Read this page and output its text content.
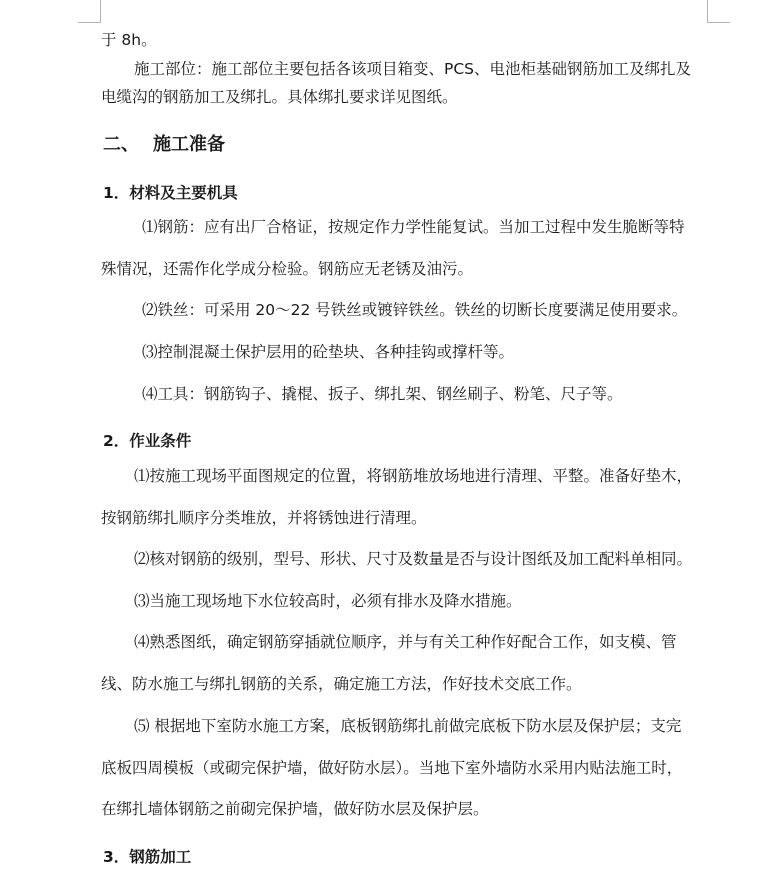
于 8h。
施工部位：施工部位主要包括各该项目箱变、PCS、电池柜基础钢筋加工及绑扎及
电缆沟的钢筋加工及绑扎。具体绑扎要求详见图纸。
二、 施工准备
1．材料及主要机具
⑴钢筋：应有出厂合格证，按规定作力学性能复试。当加工过程中发生脆断等特
殊情况，还需作化学成分检验。钢筋应无老锈及油污。
⑵铁丝：可采用 20～22 号铁丝或镀锌铁丝。铁丝的切断长度要满足使用要求。
⑶控制混凝土保护层用的砼垫块、各种挂钩或撑杆等。
⑷工具：钢筋钩子、撬棍、扳子、绑扎架、钢丝刷子、粉笔、尺子等。
2．作业条件
⑴按施工现场平面图规定的位置，将钢筋堆放场地进行清理、平整。准备好垫木，
按钢筋绑扎顺序分类堆放，并将锈蚀进行清理。
⑵核对钢筋的级别，型号、形状、尺寸及数量是否与设计图纸及加工配料单相同。
⑶当施工现场地下水位较高时，必须有排水及降水措施。
⑷熟悉图纸，确定钢筋穿插就位顺序，并与有关工种作好配合工作，如支模、管
线、防水施工与绑扎钢筋的关系，确定施工方法，作好技术交底工作。
⑸ 根据地下室防水施工方案，底板钢筋绑扎前做完底板下防水层及保护层；支完
底板四周模板（或砌完保护墙，做好防水层）。当地下室外墙防水采用内贴法施工时，
在绑扎墙体钢筋之前砌完保护墙，做好防水层及保护层。
3．钢筋加工
